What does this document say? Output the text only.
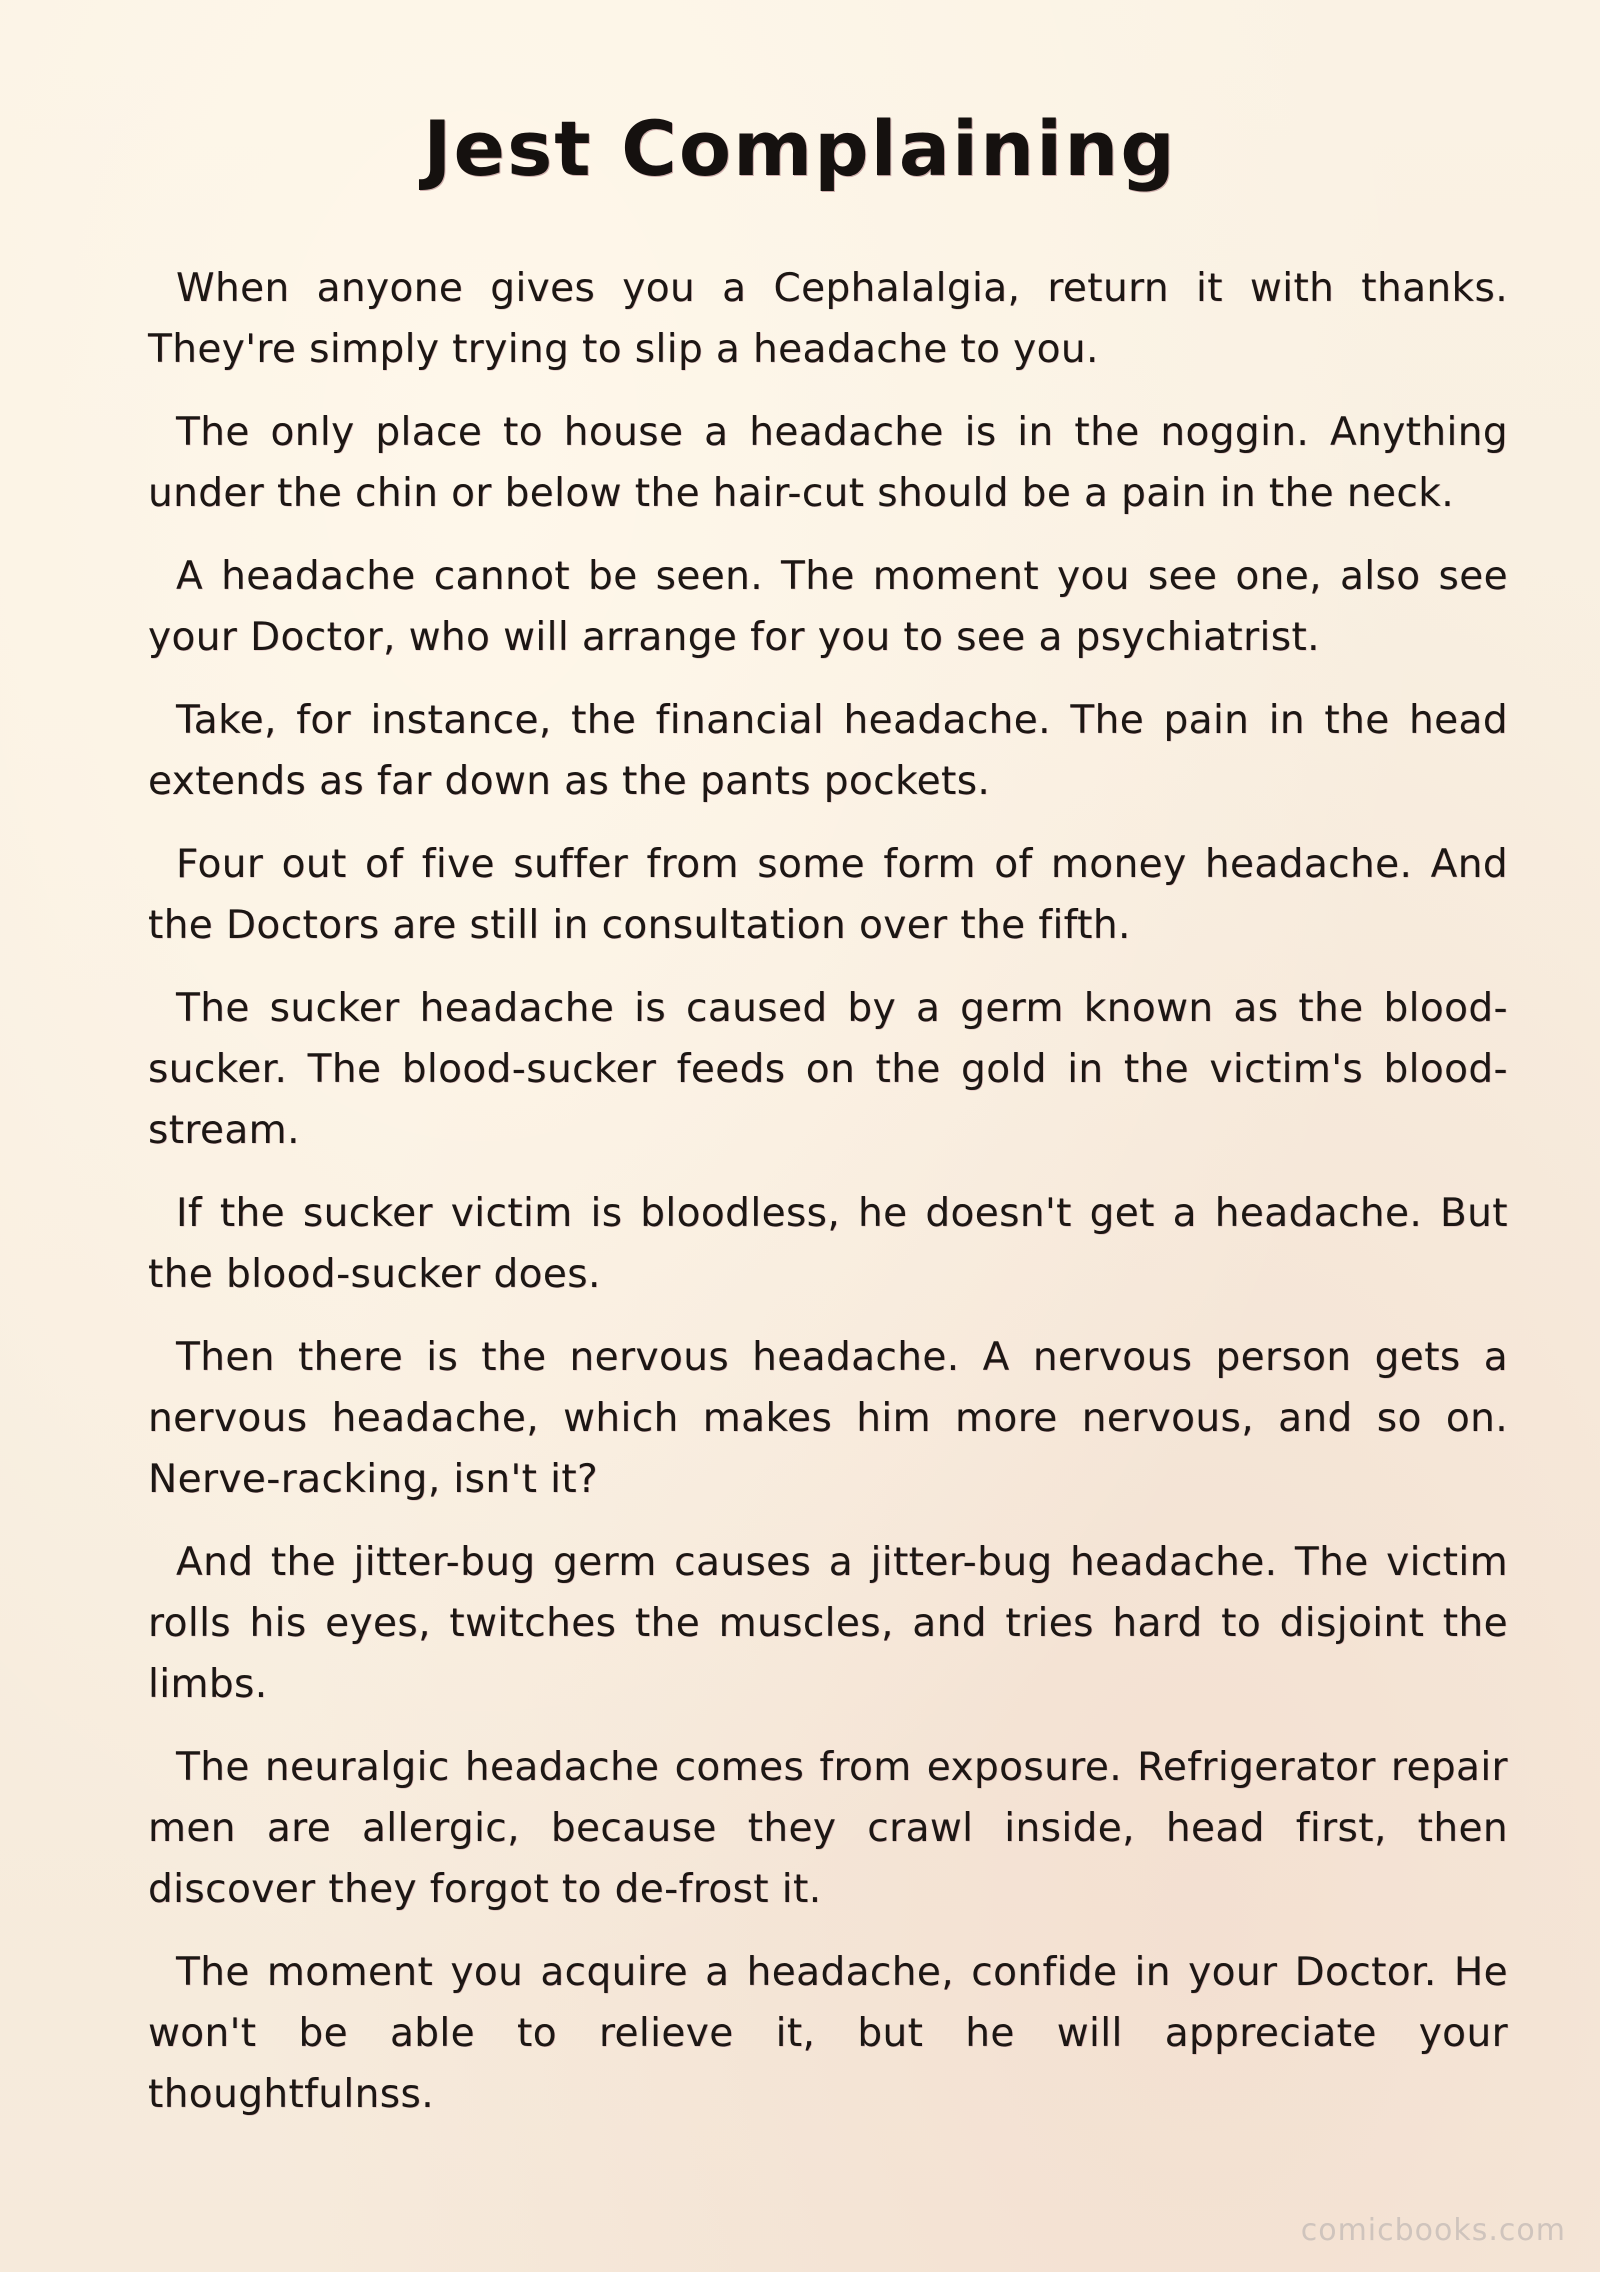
Jest Complaining

When anyone gives you a Cephalalgia, return it with thanks. They're simply trying to slip a headache to you.

The only place to house a headache is in the noggin. Anything under the chin or below the hair-cut should be a pain in the neck.

A headache cannot be seen. The moment you see one, also see your Doctor, who will arrange for you to see a psychiatrist.

Take, for instance, the financial headache. The pain in the head extends as far down as the pants pockets.

Four out of five suffer from some form of money headache. And the Doctors are still in consultation over the fifth.

The sucker headache is caused by a germ known as the blood-sucker. The blood-sucker feeds on the gold in the victim's blood-stream.

If the sucker victim is bloodless, he doesn't get a headache. But the blood-sucker does.

Then there is the nervous headache. A nervous person gets a nervous headache, which makes him more nervous, and so on. Nerve-racking, isn't it?

And the jitter-bug germ causes a jitter-bug headache. The victim rolls his eyes, twitches the muscles, and tries hard to disjoint the limbs.

The neuralgic headache comes from exposure. Refrigerator repair men are allergic, because they crawl inside, head first, then discover they forgot to de-frost it.

The moment you acquire a headache, confide in your Doctor. He won't be able to relieve it, but he will appreciate your thoughtfulnss.

comicbooks.com
